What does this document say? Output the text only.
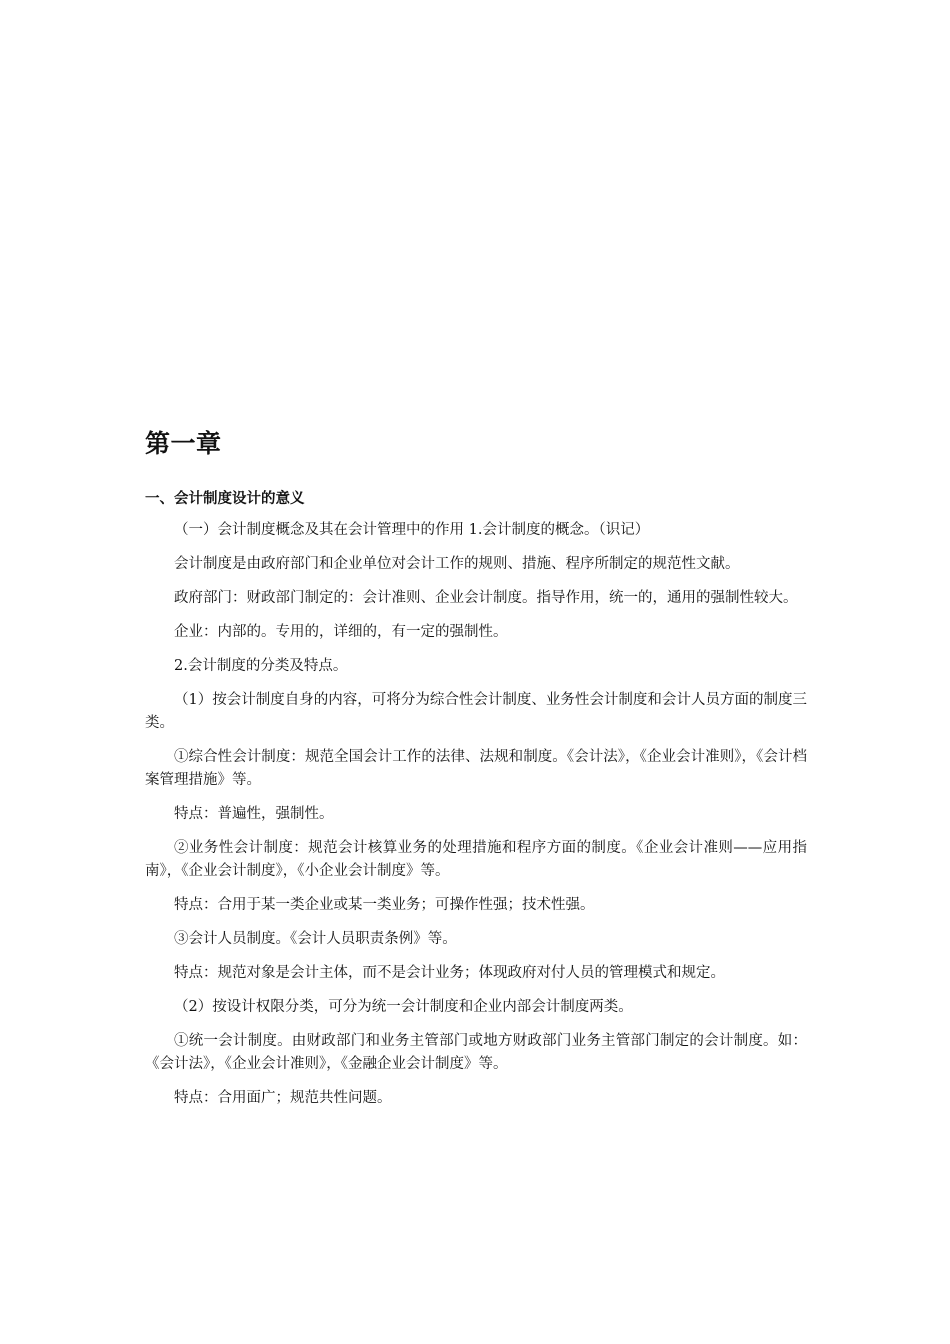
第一章
一、会计制度设计的意义

（一）会计制度概念及其在会计管理中的作用 1.会计制度的概念。（识记）

会计制度是由政府部门和企业单位对会计工作的规则、措施、程序所制定的规范性文献。

政府部门：财政部门制定的：会计准则、企业会计制度。指导作用，统一的，通用的强制性较大。

企业：内部的。专用的，详细的，有一定的强制性。

2.会计制度的分类及特点。

（1）按会计制度自身的内容，可将分为综合性会计制度、业务性会计制度和会计人员方面的制度三类。

①综合性会计制度：规范全国会计工作的法律、法规和制度。《会计法》，《企业会计准则》，《会计档案管理措施》等。

特点：普遍性，强制性。

②业务性会计制度：规范会计核算业务的处理措施和程序方面的制度。《企业会计准则——应用指南》，《企业会计制度》，《小企业会计制度》等。

特点：合用于某一类企业或某一类业务；可操作性强；技术性强。

③会计人员制度。《会计人员职责条例》等。

特点：规范对象是会计主体，而不是会计业务；体现政府对付人员的管理模式和规定。

（2）按设计权限分类，可分为统一会计制度和企业内部会计制度两类。

①统一会计制度。由财政部门和业务主管部门或地方财政部门业务主管部门制定的会计制度。如：《会计法》，《企业会计准则》，《金融企业会计制度》等。

特点：合用面广；规范共性问题。
